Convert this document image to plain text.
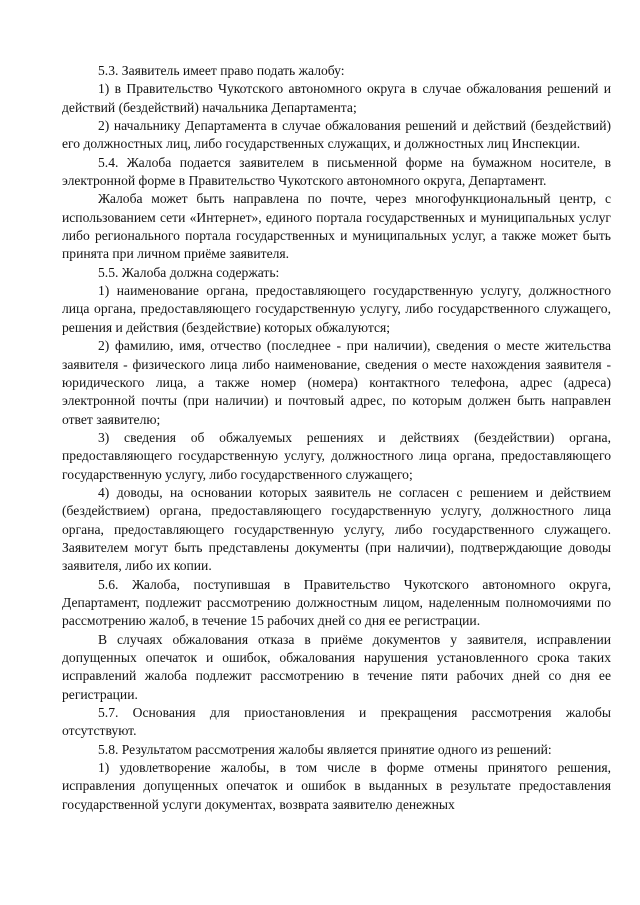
5.3. Заявитель имеет право подать жалобу:

1) в Правительство Чукотского автономного округа в случае обжалования решений и действий (бездействий) начальника Департамента;

2) начальнику Департамента в случае обжалования решений и действий (бездействий) его должностных лиц, либо государственных служащих, и должностных лиц Инспекции.

5.4. Жалоба подается заявителем в письменной форме на бумажном носителе, в электронной форме в Правительство Чукотского автономного округа, Департамент.

Жалоба может быть направлена по почте, через многофункциональный центр, с использованием сети «Интернет», единого портала государственных и муниципальных услуг либо регионального портала государственных и муниципальных услуг, а также может быть принята при личном приёме заявителя.

5.5. Жалоба должна содержать:

1) наименование органа, предоставляющего государственную услугу, должностного лица органа, предоставляющего государственную услугу, либо государственного служащего, решения и действия (бездействие) которых обжалуются;

2) фамилию, имя, отчество (последнее - при наличии), сведения о месте жительства заявителя - физического лица либо наименование, сведения о месте нахождения заявителя - юридического лица, а также номер (номера) контактного телефона, адрес (адреса) электронной почты (при наличии) и почтовый адрес, по которым должен быть направлен ответ заявителю;

3) сведения об обжалуемых решениях и действиях (бездействии) органа, предоставляющего государственную услугу, должностного лица органа, предоставляющего государственную услугу, либо государственного служащего;

4) доводы, на основании которых заявитель не согласен с решением и действием (бездействием) органа, предоставляющего государственную услугу, должностного лица органа, предоставляющего государственную услугу, либо государственного служащего. Заявителем могут быть представлены документы (при наличии), подтверждающие доводы заявителя, либо их копии.

5.6. Жалоба, поступившая в Правительство Чукотского автономного округа, Департамент, подлежит рассмотрению должностным лицом, наделенным полномочиями по рассмотрению жалоб, в течение 15 рабочих дней со дня ее регистрации.

В случаях обжалования отказа в приёме документов у заявителя, исправлении допущенных опечаток и ошибок, обжалования нарушения установленного срока таких исправлений жалоба подлежит рассмотрению в течение пяти рабочих дней со дня ее регистрации.

5.7. Основания для приостановления и прекращения рассмотрения жалобы отсутствуют.

5.8. Результатом рассмотрения жалобы является принятие одного из решений:

1) удовлетворение жалобы, в том числе в форме отмены принятого решения, исправления допущенных опечаток и ошибок в выданных в результате предоставления государственной услуги документах, возврата заявителю денежных
